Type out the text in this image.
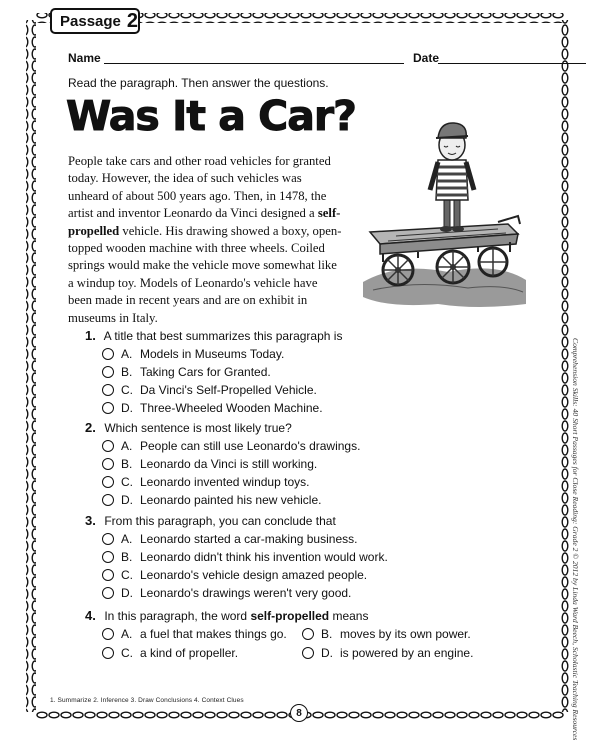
Passage 2
Name	Date
Read the paragraph. Then answer the questions.
Was It a Car?
People take cars and other road vehicles for granted today. However, the idea of such vehicles was unheard of about 500 years ago. Then, in 1478, the artist and inventor Leonardo da Vinci designed a self-propelled vehicle. His drawing showed a boxy, open-topped wooden machine with three wheels. Coiled springs would make the vehicle move somewhat like a windup toy. Models of Leonardo's vehicle have been made in recent years and are on exhibit in museums in Italy.
1. A title that best summarizes this paragraph is
A. Models in Museums Today.
B. Taking Cars for Granted.
C. Da Vinci's Self-Propelled Vehicle.
D. Three-Wheeled Wooden Machine.
2. Which sentence is most likely true?
A. People can still use Leonardo's drawings.
B. Leonardo da Vinci is still working.
C. Leonardo invented windup toys.
D. Leonardo painted his new vehicle.
3. From this paragraph, you can conclude that
A. Leonardo started a car-making business.
B. Leonardo didn't think his invention would work.
C. Leonardo's vehicle design amazed people.
D. Leonardo's drawings weren't very good.
4. In this paragraph, the word self-propelled means
A. a fuel that makes things go.	B. moves by its own power.
C. a kind of propeller.	D. is powered by an engine.
1. Summarize 2. Inference 3. Draw Conclusions 4. Context Clues
8	Comprehension Skills: 40 Short Passages for Close Reading: Grade 2 © 2012 by Linda Ward Beech, Scholastic Teaching Resources
